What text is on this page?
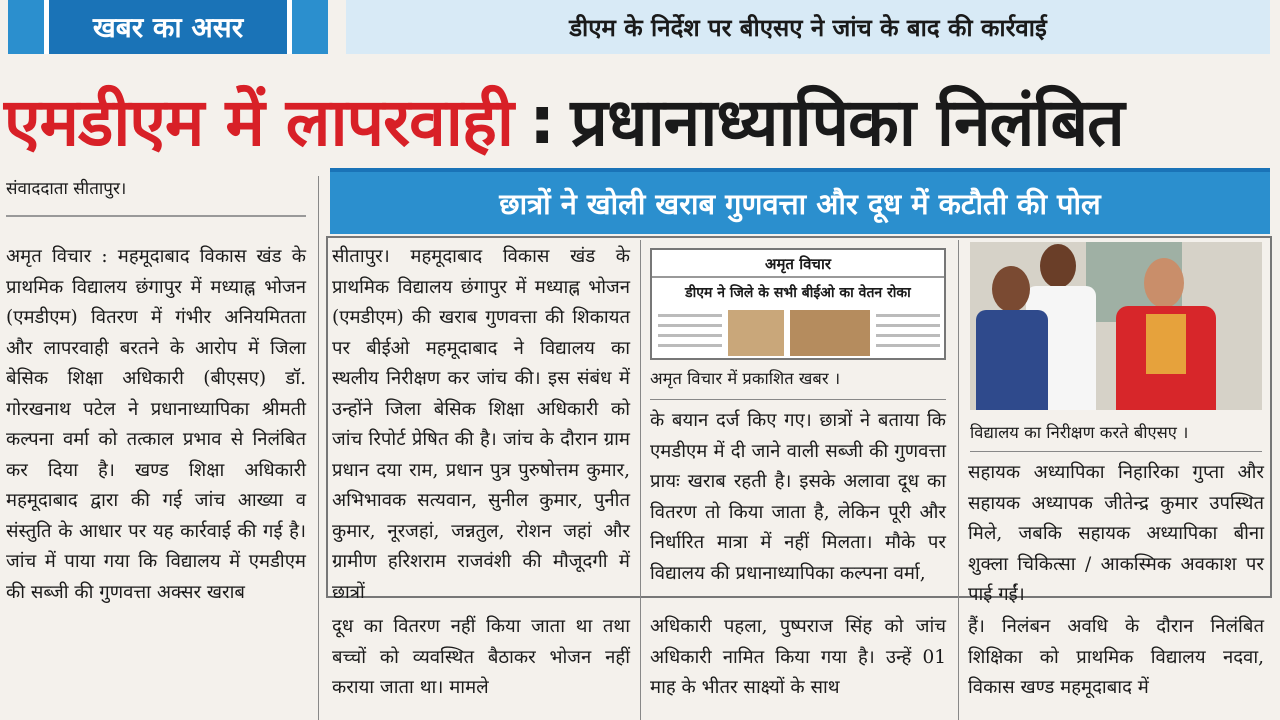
खबर का असर	डीएम के निर्देश पर बीएसए ने जांच के बाद की कार्रवाई
एमडीएम में लापरवाही : प्रधानाध्यापिका निलंबित
संवाददाता सीतापुर।	छात्रों ने खोली खराब गुणवत्ता और दूध में कटौती की पोल
अमृत विचार : महमूदाबाद विकास खंड के प्राथमिक विद्यालय छंगापुर में मध्याह्न भोजन (एमडीएम) वितरण में गंभीर अनियमितता और लापरवाही बरतने के आरोप में जिला बेसिक शिक्षा अधिकारी (बीएसए) डॉ. गोरखनाथ पटेल ने प्रधानाध्यापिका श्रीमती कल्पना वर्मा को तत्काल प्रभाव से निलंबित कर दिया है। खण्ड शिक्षा अधिकारी महमूदाबाद द्वारा की गई जांच आख्या व संस्तुति के आधार पर यह कार्रवाई की गई है। जांच में पाया गया कि विद्यालय में एमडीएम की सब्जी की गुणवत्ता अक्सर खराब
सीतापुर। महमूदाबाद विकास खंड के प्राथमिक विद्यालय छंगापुर में मध्याह्न भोजन (एमडीएम) की खराब गुणवत्ता की शिकायत पर बीईओ महमूदाबाद ने विद्यालय का स्थलीय निरीक्षण कर जांच की। इस संबंध में उन्होंने जिला बेसिक शिक्षा अधिकारी को जांच रिपोर्ट प्रेषित की है। जांच के दौरान ग्राम प्रधान दया राम, प्रधान पुत्र पुरुषोत्तम कुमार, अभिभावक सत्यवान, सुनील कुमार, पुनीत कुमार, नूरजहां, जन्नतुल, रोशन जहां और ग्रामीण हरिशराम राजवंशी की मौजूदगी में छात्रों
अमृत विचार
डीएम ने जिले के सभी बीईओ का वेतन रोका
अमृत विचार में प्रकाशित खबर ।
के बयान दर्ज किए गए। छात्रों ने बताया कि एमडीएम में दी जाने वाली सब्जी की गुणवत्ता प्रायः खराब रहती है। इसके अलावा दूध का वितरण तो किया जाता है, लेकिन पूरी और निर्धारित मात्रा में नहीं मिलता। मौके पर विद्यालय की प्रधानाध्यापिका कल्पना वर्मा,
विद्यालय का निरीक्षण करते बीएसए ।
सहायक अध्यापिका निहारिका गुप्ता और सहायक अध्यापक जीतेन्द्र कुमार उपस्थित मिले, जबकि सहायक अध्यापिका बीना शुक्ला चिकित्सा / आकस्मिक अवकाश पर पाई गईं।
दूध का वितरण नहीं किया जाता था तथा बच्चों को व्यवस्थित बैठाकर भोजन नहीं कराया जाता था। मामले
अधिकारी पहला, पुष्पराज सिंह को जांच अधिकारी नामित किया गया है। उन्हें 01 माह के भीतर साक्ष्यों के साथ
हैं। निलंबन अवधि के दौरान निलंबित शिक्षिका को प्राथमिक विद्यालय नदवा, विकास खण्ड महमूदाबाद में
